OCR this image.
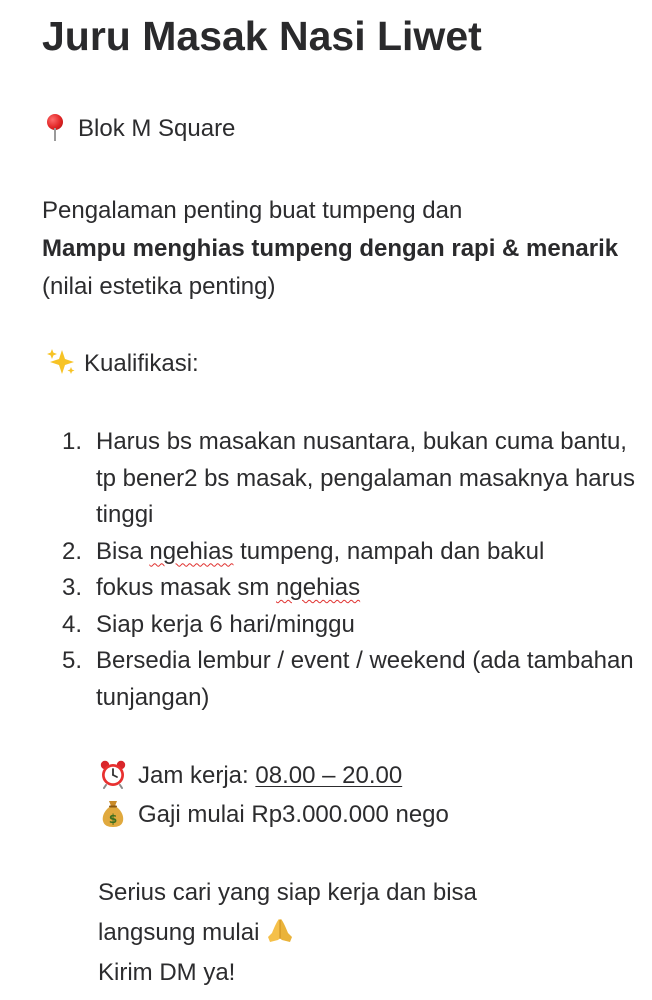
Juru Masak Nasi Liwet
Blok M Square

Pengalaman penting buat tumpeng dan
Mampu menghias tumpeng dengan rapi & menarik (nilai estetika penting)

Kualifikasi:
1. Harus bs masakan nusantara, bukan cuma bantu, tp bener2 bs masak, pengalaman masaknya harus tinggi
2. Bisa ngehias tumpeng, nampah dan bakul
3. fokus masak sm ngehias
4. Siap kerja 6 hari/minggu
5. Bersedia lembur / event / weekend (ada tambahan tunjangan)
Jam kerja: 08.00 – 20.00
$ Gaji mulai Rp3.000.000 nego
Serius cari yang siap kerja dan bisa
langsung mulai
Kirim DM ya!
